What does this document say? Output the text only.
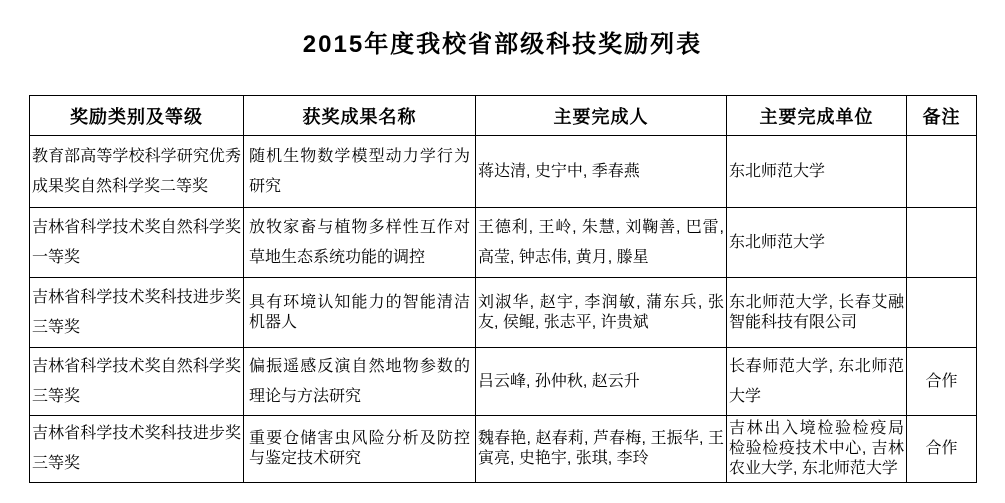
2015年度我校省部级科技奖励列表
奖励类别及等级	获奖成果名称	主要完成人	主要完成单位	备注
教育部高等学校科学研究优秀成果奖自然科学奖二等奖	随机生物数学模型动力学行为研究	蒋达清, 史宁中, 季春燕	东北师范大学	
吉林省科学技术奖自然科学奖一等奖	放牧家畜与植物多样性互作对草地生态系统功能的调控	王德利, 王岭, 朱慧, 刘鞠善, 巴雷, 高莹, 钟志伟, 黄月, 滕星	东北师范大学	
吉林省科学技术奖科技进步奖三等奖	具有环境认知能力的智能清洁机器人	刘淑华, 赵宇, 李润敏, 蒲东兵, 张友, 侯鲲, 张志平, 许贵斌	东北师范大学, 长春艾融智能科技有限公司	
吉林省科学技术奖自然科学奖三等奖	偏振遥感反演自然地物参数的理论与方法研究	吕云峰, 孙仲秋, 赵云升	长春师范大学, 东北师范大学	合作
吉林省科学技术奖科技进步奖三等奖	重要仓储害虫风险分析及防控与鉴定技术研究	魏春艳, 赵春莉, 芦春梅, 王振华, 王寅亮, 史艳宇, 张琪, 李玲	吉林出入境检验检疫局检验检疫技术中心, 吉林农业大学, 东北师范大学	合作
